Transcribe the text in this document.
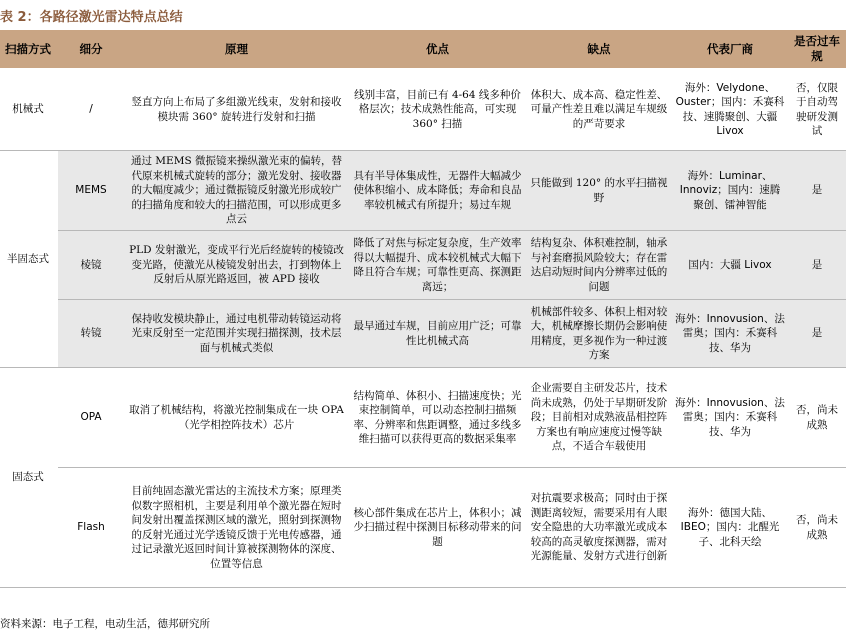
表 2：各路径激光雷达特点总结
扫描方式	细分	原理	优点	缺点	代表厂商	是否过车规
机械式	/	竖直方向上布局了多组激光线束，发射和接收模块需 360° 旋转进行发射和扫描	线别丰富，目前已有 4-64 线多种价格层次；技术成熟性能高，可实现 360° 扫描	体积大、成本高、稳定性差、可量产性差且难以满足车规级的严苛要求	海外：Velydone、Ouster；国内：禾赛科技、速腾聚创、大疆 Livox	否，仅限于自动驾驶研发测试
半固态式	MEMS	通过 MEMS 微振镜来操纵激光束的偏转，替代原来机械式旋转的部分；激光发射、接收器的大幅度减少；通过微振镜反射激光形成较广的扫描角度和较大的扫描范围，可以形成更多点云	具有半导体集成性，无器件大幅减少使体积缩小、成本降低；寿命和良品率较机械式有所提升；易过车规	只能做到 120° 的水平扫描视野	海外：Luminar、Innoviz；国内：速腾聚创、镭神智能	是
	棱镜	PLD 发射激光，变成平行光后经旋转的棱镜改变光路，使激光从棱镜发射出去，打到物体上反射后从原光路返回，被 APD 接收	降低了对焦与标定复杂度，生产效率得以大幅提升、成本较机械式大幅下降且符合车规；可靠性更高、探测距离远；	结构复杂、体积难控制，轴承与衬套磨损风险较大；存在雷达启动短时间内分辨率过低的问题	国内：大疆 Livox	是
	转镜	保持收发模块静止，通过电机带动转镜运动将光束反射至一定范围并实现扫描探测，技术层面与机械式类似	最早通过车规，目前应用广泛；可靠性比机械式高	机械部件较多、体积上相对较大，机械摩擦长期仍会影响使用精度，更多视作为一种过渡方案	海外：Innovusion、法雷奥；国内：禾赛科技、华为	是
固态式	OPA	取消了机械结构，将激光控制集成在一块 OPA（光学相控阵技术）芯片	结构简单、体积小、扫描速度快；光束控制简单，可以动态控制扫描频率、分辨率和焦距调整，通过多线多维扫描可以获得更高的数据采集率	企业需要自主研发芯片，技术尚未成熟，仍处于早期研发阶段；目前相对成熟液晶相控阵方案也有响应速度过慢等缺点，不适合车载使用	海外：Innovusion、法雷奥；国内：禾赛科技、华为	否，尚未成熟
	Flash	目前纯固态激光雷达的主流技术方案；原理类似数字照相机，主要是利用单个激光器在短时间发射出覆盖探测区域的激光，照射到探测物的反射光通过光学透镜反馈于光电传感器，通过记录激光返回时间计算被探测物体的深度、位置等信息	核心部件集成在芯片上，体积小；减少扫描过程中探测目标移动带来的问题	对抗震要求极高；同时由于探测距离较短，需要采用有人眼安全隐患的大功率激光或成本较高的高灵敏度探测器，需对光源能量、发射方式进行创新	海外：德国大陆、IBEO；国内：北醒光子、北科天绘	否，尚未成熟
资料来源：电子工程，电动生活，德邦研究所
